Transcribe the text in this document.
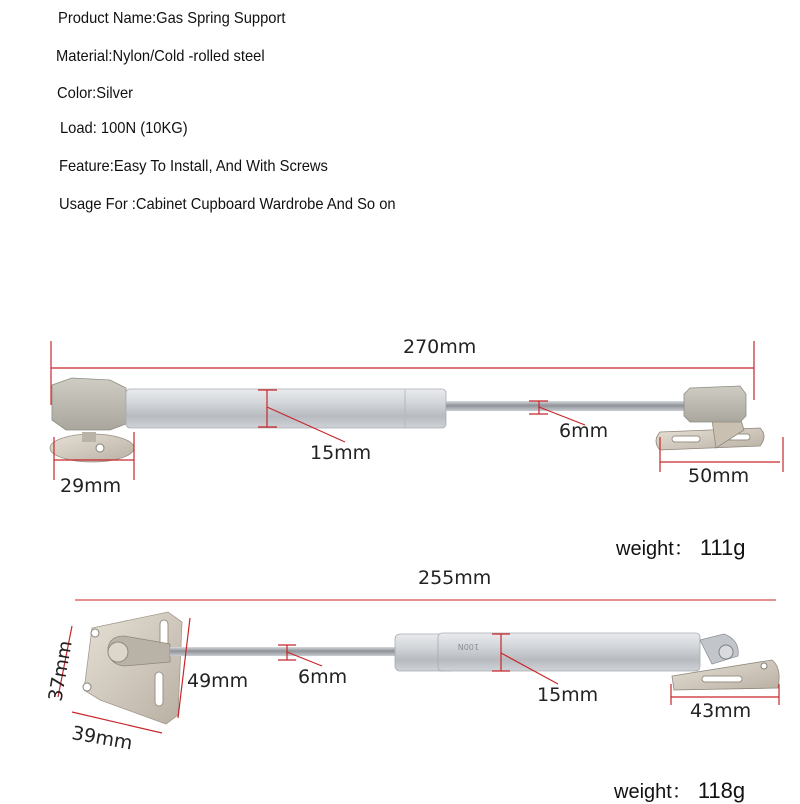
Product Name:Gas Spring Support
Material:Nylon/Cold -rolled steel
Color:Silver
Load: 100N (10KG)
Feature:Easy To Install, And With Screws
Usage For :Cabinet Cupboard Wardrobe And So on
100N
270mm
15mm
6mm
29mm	50mm
weight： 111g
255mm
37mm
39mm
49mm	6mm
15mm
43mm
weight： 118g
